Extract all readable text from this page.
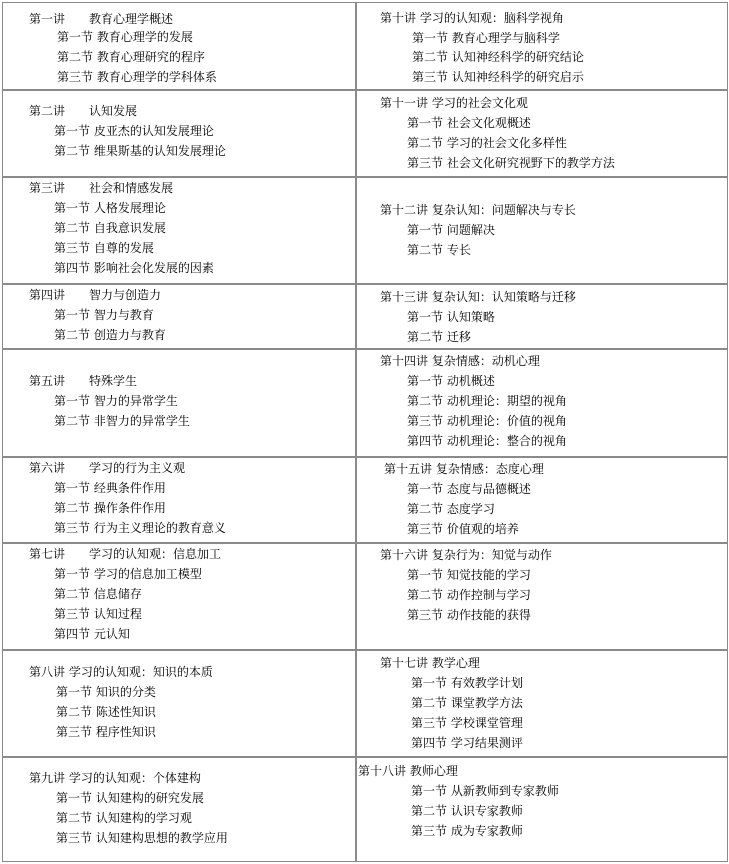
第一讲　　教育心理学概述
第一节 教育心理学的发展
第二节 教育心理研究的程序
第三节 教育心理学的学科体系
第十讲 学习的认知观：脑科学视角
第一节 教育心理学与脑科学
第二节 认知神经科学的研究结论
第三节 认知神经科学的研究启示
第二讲　　认知发展
第一节 皮亚杰的认知发展理论
第二节 维果斯基的认知发展理论
第十一讲 学习的社会文化观
第一节 社会文化观概述
第二节 学习的社会文化多样性
第三节 社会文化研究视野下的教学方法
第三讲　　社会和情感发展
第一节 人格发展理论
第二节 自我意识发展
第三节 自尊的发展
第四节 影响社会化发展的因素
第十二讲 复杂认知：问题解决与专长
第一节 问题解决
第二节 专长
第四讲　　智力与创造力
第一节 智力与教育
第二节 创造力与教育
第十三讲 复杂认知：认知策略与迁移
第一节 认知策略
第二节 迁移
第五讲　　特殊学生
第一节 智力的异常学生
第二节 非智力的异常学生
第十四讲 复杂情感：动机心理
第一节 动机概述
第二节 动机理论：期望的视角
第三节 动机理论：价值的视角
第四节 动机理论：整合的视角
第六讲　　学习的行为主义观
第一节 经典条件作用
第二节 操作条件作用
第三节 行为主义理论的教育意义
第十五讲 复杂情感：态度心理
第一节 态度与品德概述
第二节 态度学习
第三节 价值观的培养
第七讲　　学习的认知观：信息加工
第一节 学习的信息加工模型
第二节 信息储存
第三节 认知过程
第四节 元认知
第十六讲 复杂行为：知觉与动作
第一节 知觉技能的学习
第二节 动作控制与学习
第三节 动作技能的获得
第八讲 学习的认知观：知识的本质
第一节 知识的分类
第二节 陈述性知识
第三节 程序性知识
第十七讲 教学心理
第一节 有效教学计划
第二节 课堂教学方法
第三节 学校课堂管理
第四节 学习结果测评
第九讲 学习的认知观：个体建构
第一节 认知建构的研究发展
第二节 认知建构的学习观
第三节 认知建构思想的教学应用
第十八讲 教师心理
第一节 从新教师到专家教师
第二节 认识专家教师
第三节 成为专家教师
